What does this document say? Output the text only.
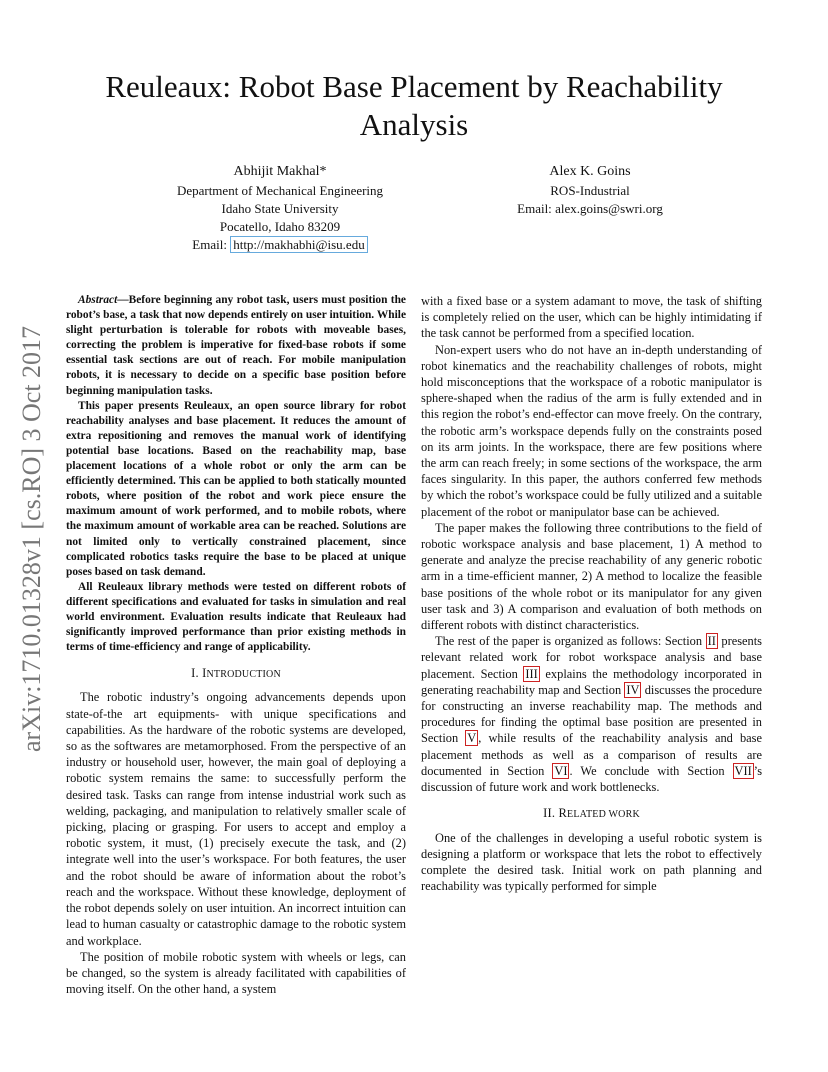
Reuleaux: Robot Base Placement by Reachability Analysis
Abhijit Makhal*
Department of Mechanical Engineering
Idaho State University
Pocatello, Idaho 83209
Email: http://makhabhi@isu.edu
Alex K. Goins
ROS-Industrial
Email: alex.goins@swri.org
arXiv:1710.01328v1 [cs.RO] 3 Oct 2017

Abstract—Before beginning any robot task, users must position the robot’s base, a task that now depends entirely on user intuition. While slight perturbation is tolerable for robots with moveable bases, correcting the problem is imperative for fixed-base robots if some essential task sections are out of reach. For mobile manipulation robots, it is necessary to decide on a specific base position before beginning manipulation tasks.

This paper presents Reuleaux, an open source library for robot reachability analyses and base placement. It reduces the amount of extra repositioning and removes the manual work of identifying potential base locations. Based on the reachability map, base placement locations of a whole robot or only the arm can be efficiently determined. This can be applied to both statically mounted robots, where position of the robot and work piece ensure the maximum amount of work performed, and to mobile robots, where the maximum amount of workable area can be reached. Solutions are not limited only to vertically constrained placement, since complicated robotics tasks require the base to be placed at unique poses based on task demand.

All Reuleaux library methods were tested on different robots of different specifications and evaluated for tasks in simulation and real world environment. Evaluation results indicate that Reuleaux had significantly improved performance than prior existing methods in terms of time-efficiency and range of applicability.

I. INTRODUCTION

The robotic industry’s ongoing advancements depends upon state-of-the art equipments- with unique specifications and capabilities. As the hardware of the robotic systems are developed, so as the softwares are metamorphosed. From the perspective of an industry or household user, however, the main goal of deploying a robotic system remains the same: to successfully perform the desired task. Tasks can range from intense industrial work such as welding, packaging, and manipulation to relatively smaller scale of picking, placing or grasping. For users to accept and employ a robotic system, it must, (1) precisely execute the task, and (2) integrate well into the user’s workspace. For both features, the user and the robot should be aware of information about the robot’s reach and the workspace. Without these knowledge, deployment of the robot depends solely on user intuition. An incorrect intuition can lead to human casualty or catastrophic damage to the robotic system and workplace.

The position of mobile robotic system with wheels or legs, can be changed, so the system is already facilitated with capabilities of moving itself. On the other hand, a system

with a fixed base or a system adamant to move, the task of shifting is completely relied on the user, which can be highly intimidating if the task cannot be performed from a specified location.

Non-expert users who do not have an in-depth understanding of robot kinematics and the reachability challenges of robots, might hold misconceptions that the workspace of a robotic manipulator is sphere-shaped when the radius of the arm is fully extended and in this region the robot’s end-effector can move freely. On the contrary, the robotic arm’s workspace depends fully on the constraints posed on its arm joints. In the workspace, there are few positions where the arm can reach freely; in some sections of the workspace, the arm faces singularity. In this paper, the authors conferred few methods by which the robot’s workspace could be fully utilized and a suitable placement of the robot or manipulator base can be achieved.

The paper makes the following three contributions to the field of robotic workspace analysis and base placement, 1) A method to generate and analyze the precise reachability of any generic robotic arm in a time-efficient manner, 2) A method to localize the feasible base positions of the whole robot or its manipulator for any given user task and 3) A comparison and evaluation of both methods on different robots with distinct characteristics.

The rest of the paper is organized as follows: Section II presents relevant related work for robot workspace analysis and base placement. Section III explains the methodology incorporated in generating reachability map and Section IV discusses the procedure for constructing an inverse reachability map. The methods and procedures for finding the optimal base position are presented in Section V , while results of the reachability analysis and base placement methods as well as a comparison of results are documented in Section VI . We conclude with Section VII ’s discussion of future work and work bottlenecks.

II. RELATED WORK

One of the challenges in developing a useful robotic system is designing a platform or workspace that lets the robot to effectively complete the desired task. Initial work on path planning and reachability was typically performed for simple
